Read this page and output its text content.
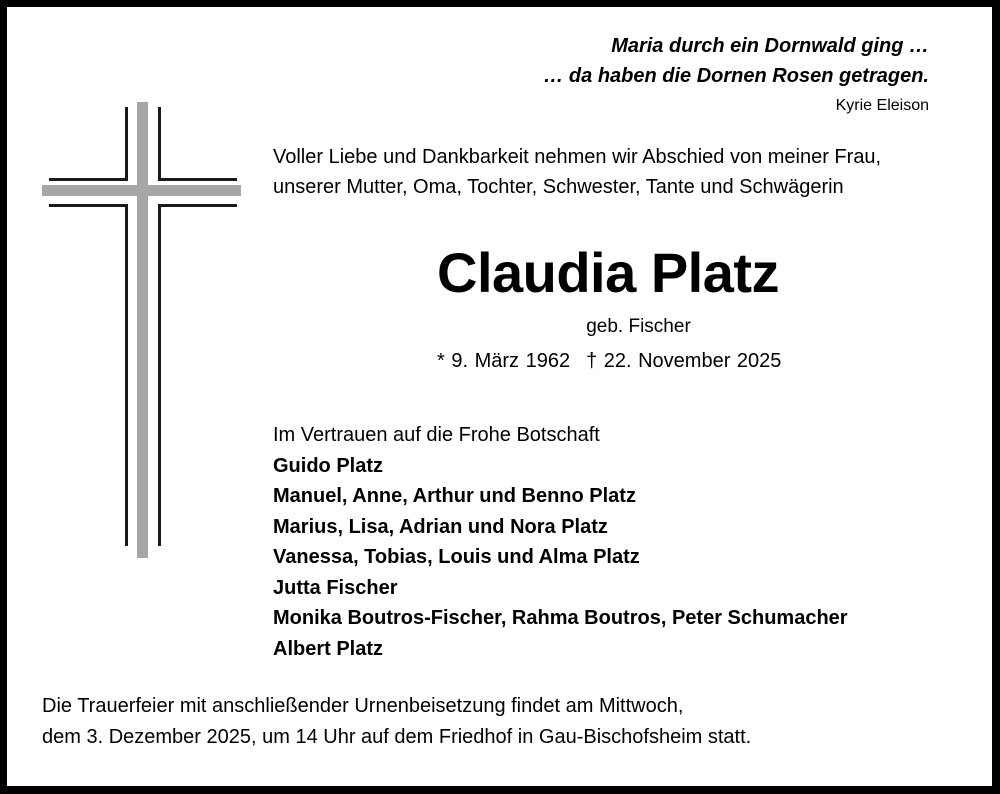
Maria durch ein Dornwald ging …
… da haben die Dornen Rosen getragen.
Kyrie Eleison
Voller Liebe und Dankbarkeit nehmen wir Abschied von meiner Frau, unserer Mutter, Oma, Tochter, Schwester, Tante und Schwägerin
Claudia Platz
geb. Fischer
* 9. März 1962 † 22. November 2025
Im Vertrauen auf die Frohe Botschaft
Guido Platz
Manuel, Anne, Arthur und Benno Platz
Marius, Lisa, Adrian und Nora Platz
Vanessa, Tobias, Louis und Alma Platz
Jutta Fischer
Monika Boutros-Fischer, Rahma Boutros, Peter Schumacher
Albert Platz
Die Trauerfeier mit anschließender Urnenbeisetzung findet am Mittwoch,
dem 3. Dezember 2025, um 14 Uhr auf dem Friedhof in Gau-Bischofsheim statt.
